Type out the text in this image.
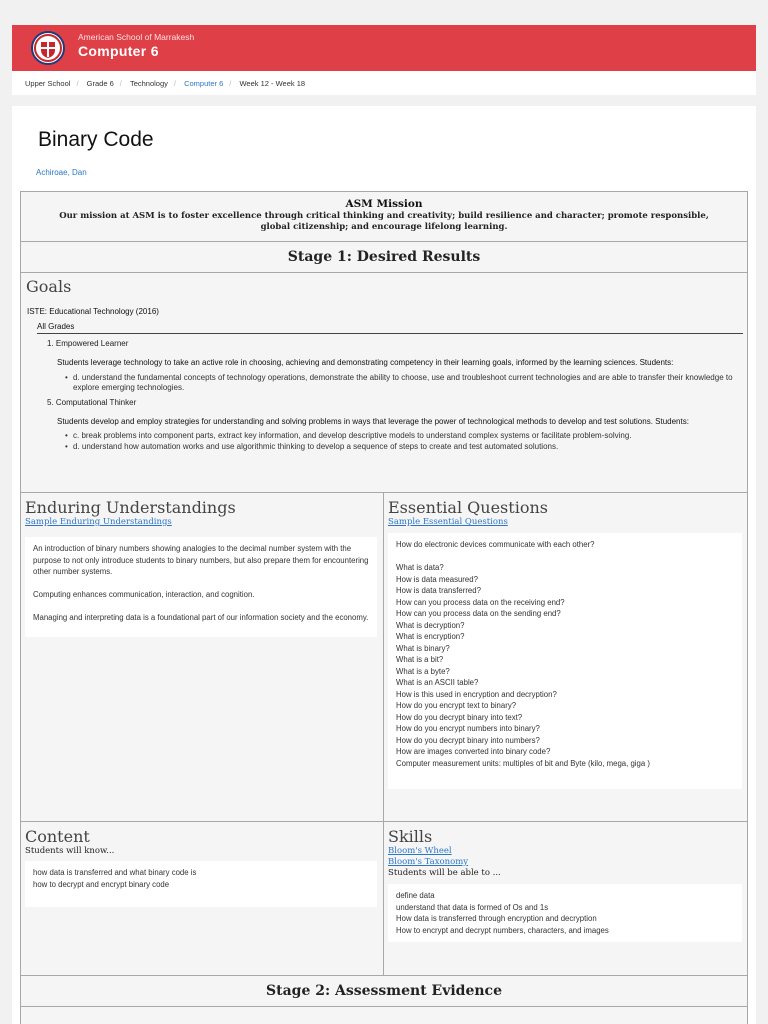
American School of Marrakesh
Computer 6
Upper School / Grade 6 / Technology / Computer 6 / Week 12 - Week 18
Binary Code
Achiroae, Dan
ASM Mission
Our mission at ASM is to foster excellence through critical thinking and creativity; build resilience and character; promote responsible, global citizenship; and encourage lifelong learning.
Stage 1: Desired Results
Goals
ISTE: Educational Technology (2016)
All Grades
1. Empowered Learner
Students leverage technology to take an active role in choosing, achieving and demonstrating competency in their learning goals, informed by the learning sciences. Students:
• d. understand the fundamental concepts of technology operations, demonstrate the ability to choose, use and troubleshoot current technologies and are able to transfer their knowledge to explore emerging technologies.
5. Computational Thinker
Students develop and employ strategies for understanding and solving problems in ways that leverage the power of technological methods to develop and test solutions. Students:
• c. break problems into component parts, extract key information, and develop descriptive models to understand complex systems or facilitate problem-solving.
• d. understand how automation works and use algorithmic thinking to develop a sequence of steps to create and test automated solutions.
Enduring Understandings
Sample Enduring Understandings

An introduction of binary numbers showing analogies to the decimal number system with the purpose to not only introduce students to binary numbers, but also prepare them for encountering other number systems.

Computing enhances communication, interaction, and cognition.

Managing and interpreting data is a foundational part of our information society and the economy.

Essential Questions
Sample Essential Questions

How do electronic devices communicate with each other?

What is data?

How is data measured?

How is data transferred?

How can you process data on the receiving end?

How can you process data on the sending end?

What is decryption?

What is encryption?

What is binary?

What is a bit?

What is a byte?

What is an ASCII table?

How is this used in encryption and decryption?

How do you encrypt text to binary?

How do you decrypt binary into text?

How do you encrypt numbers into binary?

How do you decrypt binary into numbers?

How are images converted into binary code?

Computer measurement units: multiples of bit and Byte (kilo, mega, giga )

Content
Students will know...

how data is transferred and what binary code is

how to decrypt and encrypt binary code

Skills
Bloom's Wheel
Bloom's Taxonomy
Students will be able to ...

define data

understand that data is formed of Os and 1s

How data is transferred through encryption and decryption

How to encrypt and decrypt numbers, characters, and images

Stage 2: Assessment Evidence
